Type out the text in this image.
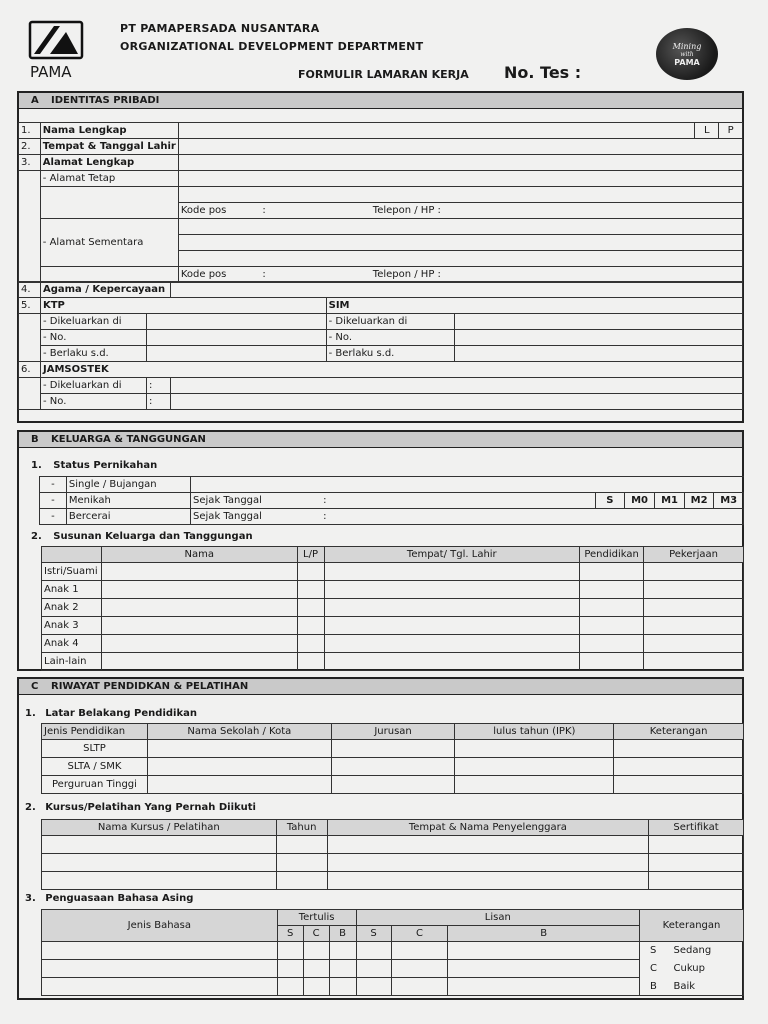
PAMA
PT PAMAPERSADA NUSANTARA
ORGANIZATIONAL DEVELOPMENT DEPARTMENT
FORMULIR LAMARAN KERJA No. Tes :
Mining
with
PAMA
A IDENTITAS PRIBADI
1.	Nama Lengkap			L	P
2.	Tempat & Tanggal Lahir				
3.	Alamat Lengkap				
	- Alamat Tetap				

		Kode pos :	Telepon / HP :		
	- Alamat Sementara				

		Kode pos :	Telepon / HP :		
4.	Agama / Kepercayaan				
5.	KTP			SIM	
	- Dikeluarkan di			- Dikeluarkan di	
	- No.			- No.	
	- Berlaku s.d.			- Berlaku s.d.	
6.	JAMSOSTEK				
	- Dikeluarkan di	:			
	- No.	:			
B KELUARGA & TANGGUNGAN
1. Status Pernikahan
-	Single / Bujangan							
-	Menikah	Sejak Tanggal	:	S	M0	M1	M2	M3
-	Bercerai	Sejak Tanggal	:					
2. Susunan Keluarga dan Tanggungan
	Nama	L/P	Tempat/ Tgl. Lahir	Pendidikan	Pekerjaan
Istri/Suami					
Anak 1					
Anak 2					
Anak 3					
Anak 4					
Lain-lain					
C RIWAYAT PENDIDKAN & PELATIHAN
1. Latar Belakang Pendidikan
Jenis Pendidikan	Nama Sekolah / Kota	Jurusan	lulus tahun (IPK)	Keterangan
SLTP				
SLTA / SMK				
Perguruan Tinggi				
2. Kursus/Pelatihan Yang Pernah Diikuti
Nama Kursus / Pelatihan	Tahun	Tempat & Nama Penyelenggara	Sertifikat

3. Penguasaan Bahasa Asing
Jenis Bahasa	Tertulis			Lisan			Keterangan	
	S	C	B	S	C	B		
							S	Sedang
							C	Cukup
							B	Baik
